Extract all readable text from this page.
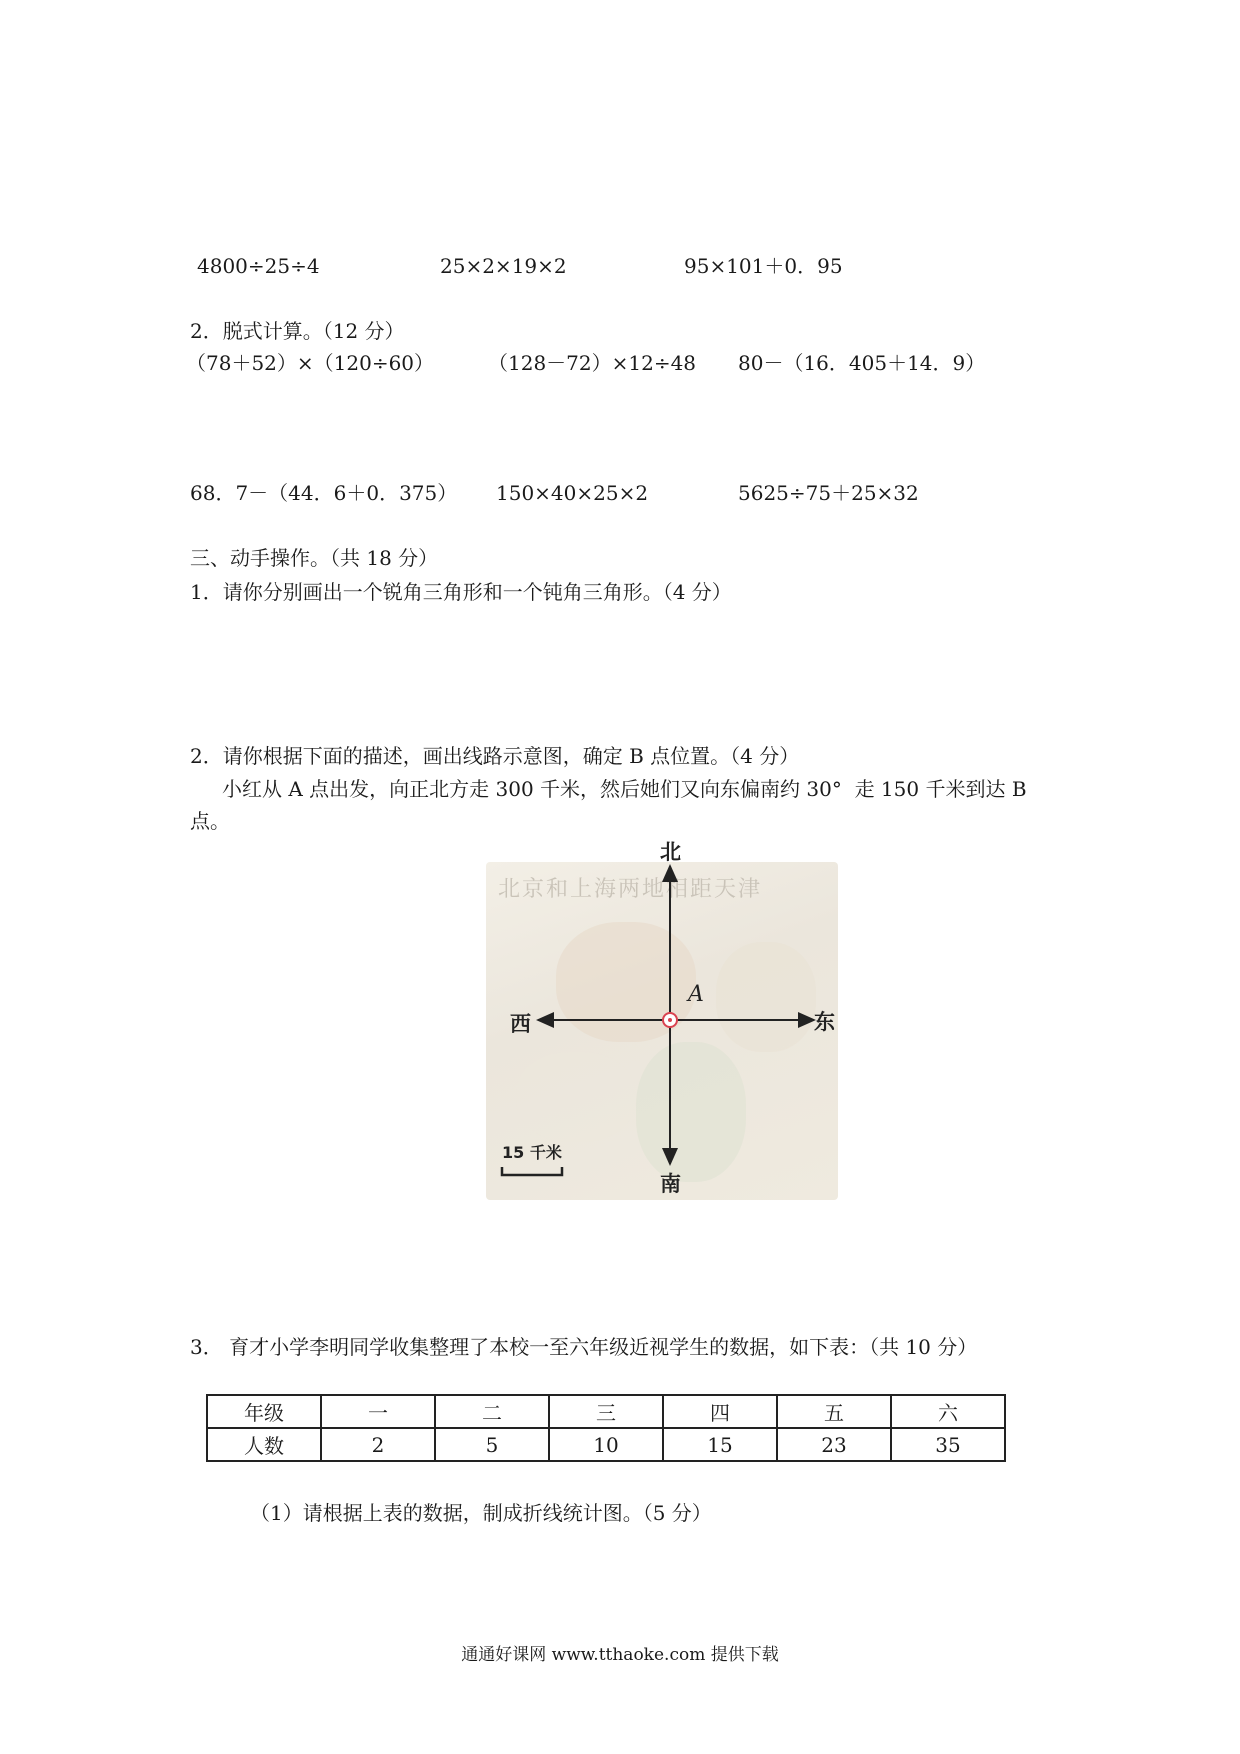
4800÷25÷4	25×2×19×2	95×101＋0．95
2．脱式计算。（12 分）
（78＋52）×（120÷60）	（128－72）×12÷48 80－（16．405＋14．9）
68．7－（44．6＋0．375） 150×40×25×2	5625÷75＋25×32
三、动手操作。（共 18 分）
1．请你分别画出一个锐角三角形和一个钝角三角形。（4 分）
2．请你根据下面的描述，画出线路示意图，确定 B 点位置。（4 分）
小红从 A 点出发，向正北方走 300 千米，然后她们又向东偏南约 30°  走 150 千米到达 B
点。
北京和上海两地相距天津
北
南
东
西
A
15 千米
3． 育才小学李明同学收集整理了本校一至六年级近视学生的数据，如下表：（共 10 分）
年级	一	二	三	四	五	六
人数	2	5	10	15	23	35
（1）请根据上表的数据，制成折线统计图。（5 分）
通通好课网 www.tthaoke.com 提供下载
